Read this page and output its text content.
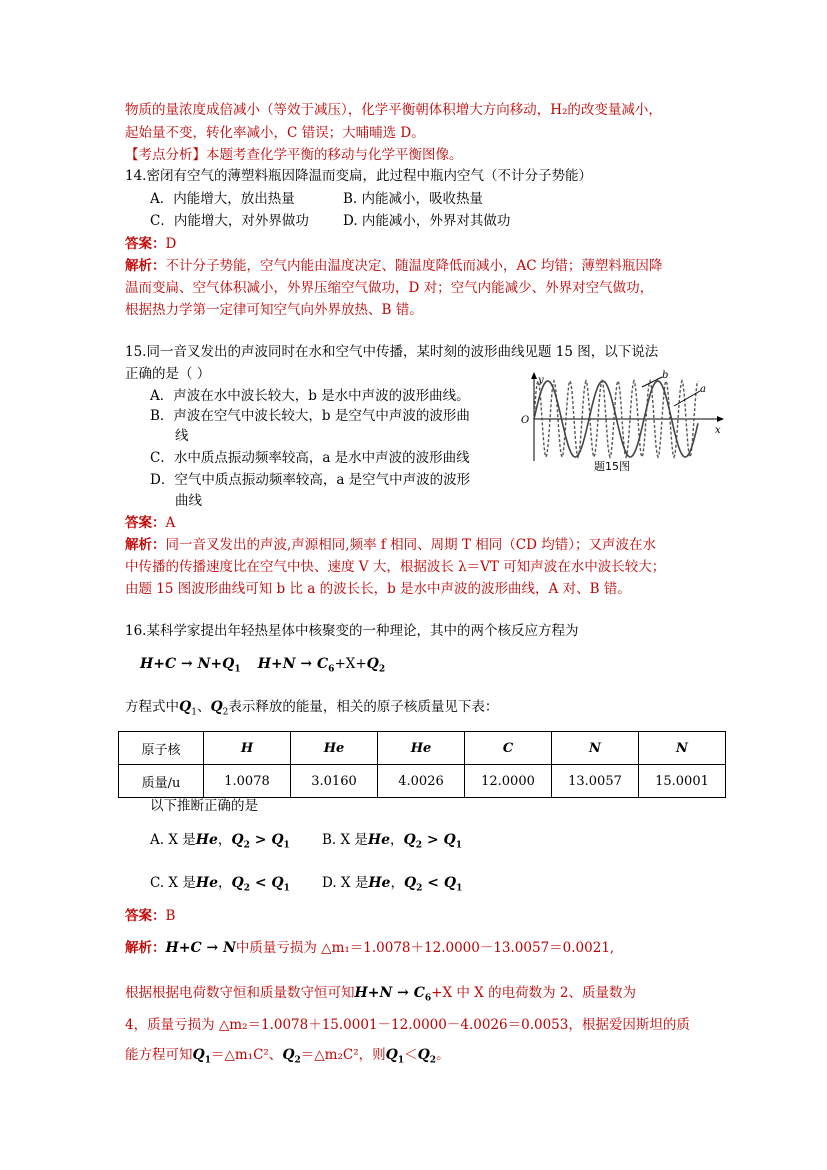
物质的量浓度成倍减小（等效于减压），化学平衡朝体积增大方向移动，H₂的改变量减小，
起始量不变，转化率减小，C 错误；大晡晡选 D。
【考点分析】本题考查化学平衡的移动与化学平衡图像。
14.密闭有空气的薄塑料瓶因降温而变扁，此过程中瓶内空气（不计分子势能）
A．内能增大，放出热量	B. 内能减小，吸收热量
C．内能增大，对外界做功	D. 内能减小，外界对其做功
答案：D
解析：不计分子势能，空气内能由温度决定、随温度降低而减小，AC 均错；薄塑料瓶因降
温而变扁、空气体积减小，外界压缩空气做功，D 对；空气内能减少、外界对空气做功，
根据热力学第一定律可知空气向外界放热、B 错。
15.同一音叉发出的声波同时在水和空气中传播，某时刻的波形曲线见题 15 图，以下说法
正确的是（ ）
A．声波在水中波长较大，b 是水中声波的波形曲线。
B．声波在空气中波长较大，b 是空气中声波的波形曲
线
C．水中质点振动频率较高，a 是水中声波的波形曲线
D．空气中质点振动频率较高，a 是空气中声波的波形
曲线
y
x
O
b
a
题15图
答案：A
解析：同一音叉发出的声波,声源相同,频率 f 相同、周期 T 相同（CD 均错）；又声波在水
中传播的传播速度比在空气中快、速度 V 大，根据波长 λ＝VT 可知声波在水中波长较大；
由题 15 图波形曲线可知 b 比 a 的波长长，b 是水中声波的波形曲线，A 对、B 错。
16.某科学家提出年轻热星体中核聚变的一种理论，其中的两个核反应方程为
$H+C \to N+Q_1$ $H+N \to C_6+X+Q_2$
方程式中$Q_1$、$Q_2$表示释放的能量，相关的原子核质量见下表：
原子核	H	He	He	C	N	N
质量/u	1.0078	3.0160	4.0026	12.0000	13.0057	15.0001
以下推断正确的是
A. X 是He，$Q_2 > Q_1$ B. X 是He，$Q_2 > Q_1$
C. X 是He，$Q_2 < Q_1$ D. X 是He，$Q_2 < Q_1$
答案：B
解析：H+C → N中质量亏损为 △m₁＝1.0078＋12.0000－13.0057＝0.0021,
根据根据电荷数守恒和质量数守恒可知$H+N \to C_6+X$ 中 X 的电荷数为 2、质量数为
4，质量亏损为 △m₂＝1.0078＋15.0001－12.0000－4.0026＝0.0053，根据爱因斯坦的质
能方程可知$Q_1=\triangle m_1C^2$、$Q_2=\triangle m_2C^2$，则$Q_1<Q_2$。
